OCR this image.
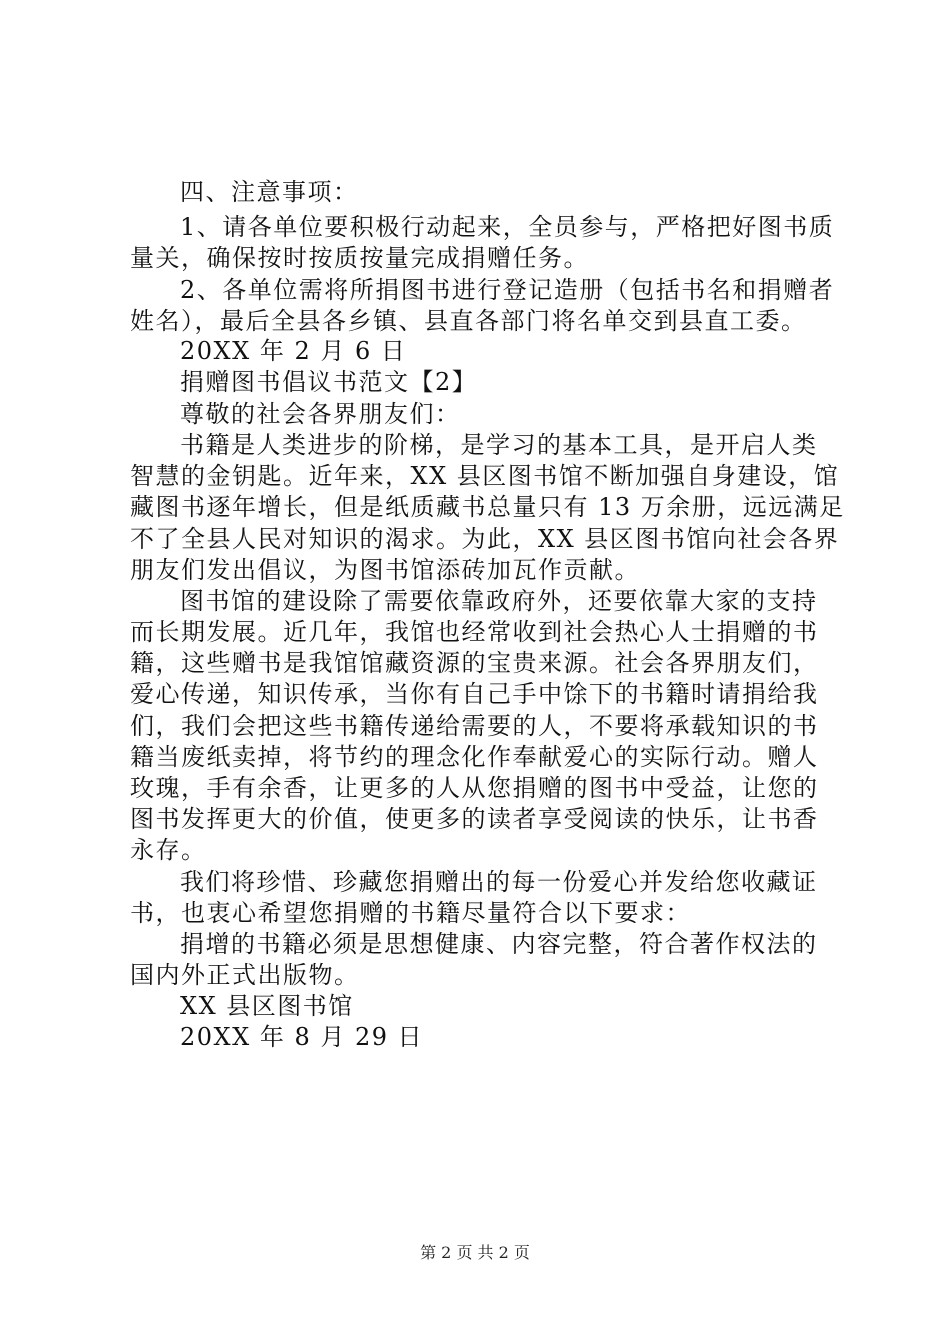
四、注意事项：
1、请各单位要积极行动起来，全员参与，严格把好图书质
量关，确保按时按质按量完成捐赠任务。
2、各单位需将所捐图书进行登记造册（包括书名和捐赠者
姓名），最后全县各乡镇、县直各部门将名单交到县直工委。
20XX 年 2 月 6 日
捐赠图书倡议书范文【2】
尊敬的社会各界朋友们：
书籍是人类进步的阶梯，是学习的基本工具，是开启人类
智慧的金钥匙。近年来，XX 县区图书馆不断加强自身建设，馆
藏图书逐年增长，但是纸质藏书总量只有 13 万余册，远远满足
不了全县人民对知识的渴求。为此，XX 县区图书馆向社会各界
朋友们发出倡议，为图书馆添砖加瓦作贡献。
图书馆的建设除了需要依靠政府外，还要依靠大家的支持
而长期发展。近几年，我馆也经常收到社会热心人士捐赠的书
籍，这些赠书是我馆馆藏资源的宝贵来源。社会各界朋友们，
爱心传递，知识传承，当你有自己手中馀下的书籍时请捐给我
们，我们会把这些书籍传递给需要的人，不要将承载知识的书
籍当废纸卖掉，将节约的理念化作奉献爱心的实际行动。赠人
玫瑰，手有余香，让更多的人从您捐赠的图书中受益，让您的
图书发挥更大的价值，使更多的读者享受阅读的快乐，让书香
永存。
我们将珍惜、珍藏您捐赠出的每一份爱心并发给您收藏证
书，也衷心希望您捐赠的书籍尽量符合以下要求：
捐增的书籍必须是思想健康、内容完整，符合著作权法的
国内外正式出版物。
XX 县区图书馆
20XX 年 8 月 29 日
第 2 页 共 2 页
